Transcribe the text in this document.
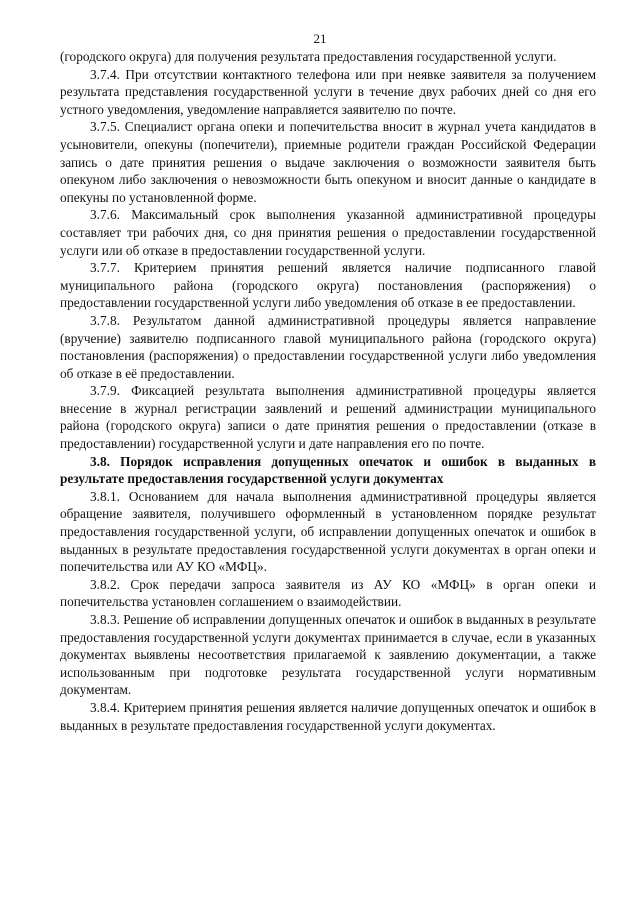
21

(городского округа) для получения результата предоставления государственной услуги.

3.7.4. При отсутствии контактного телефона или при неявке заявителя за получением результата представления государственной услуги в течение двух рабочих дней со дня его устного уведомления, уведомление направляется заявителю по почте.

3.7.5. Специалист органа опеки и попечительства вносит в журнал учета кандидатов в усыновители, опекуны (попечители), приемные родители граждан Российской Федерации запись о дате принятия решения о выдаче заключения о возможности заявителя быть опекуном либо заключения о невозможности быть опекуном и вносит данные о кандидате в опекуны по установленной форме.

3.7.6. Максимальный срок выполнения указанной административной процедуры составляет три рабочих дня, со дня принятия решения о предоставлении государственной услуги или об отказе в предоставлении государственной услуги.

3.7.7. Критерием принятия решений является наличие подписанного главой муниципального района (городского округа) постановления (распоряжения) о предоставлении государственной услуги либо уведомления об отказе в ее предоставлении.

3.7.8. Результатом данной административной процедуры является направление (вручение) заявителю подписанного главой муниципального района (городского округа) постановления (распоряжения) о предоставлении государственной услуги либо уведомления об отказе в её предоставлении.

3.7.9. Фиксацией результата выполнения административной процедуры является внесение в журнал регистрации заявлений и решений администрации муниципального района (городского округа) записи о дате принятия решения о предоставлении (отказе в предоставлении) государственной услуги и дате направления его по почте.

3.8. Порядок исправления допущенных опечаток и ошибок в выданных в результате предоставления государственной услуги документах

3.8.1. Основанием для начала выполнения административной процедуры является обращение заявителя, получившего оформленный в установленном порядке результат предоставления государственной услуги, об исправлении допущенных опечаток и ошибок в выданных в результате предоставления государственной услуги документах в орган опеки и попечительства или АУ КО «МФЦ».

3.8.2. Срок передачи запроса заявителя из АУ КО «МФЦ» в орган опеки и попечительства установлен соглашением о взаимодействии.

3.8.3. Решение об исправлении допущенных опечаток и ошибок в выданных в результате предоставления государственной услуги документах принимается в случае, если в указанных документах выявлены несоответствия прилагаемой к заявлению документации, а также использованным при подготовке результата государственной услуги нормативным документам.

3.8.4. Критерием принятия решения является наличие допущенных опечаток и ошибок в выданных в результате предоставления государственной услуги документах.
